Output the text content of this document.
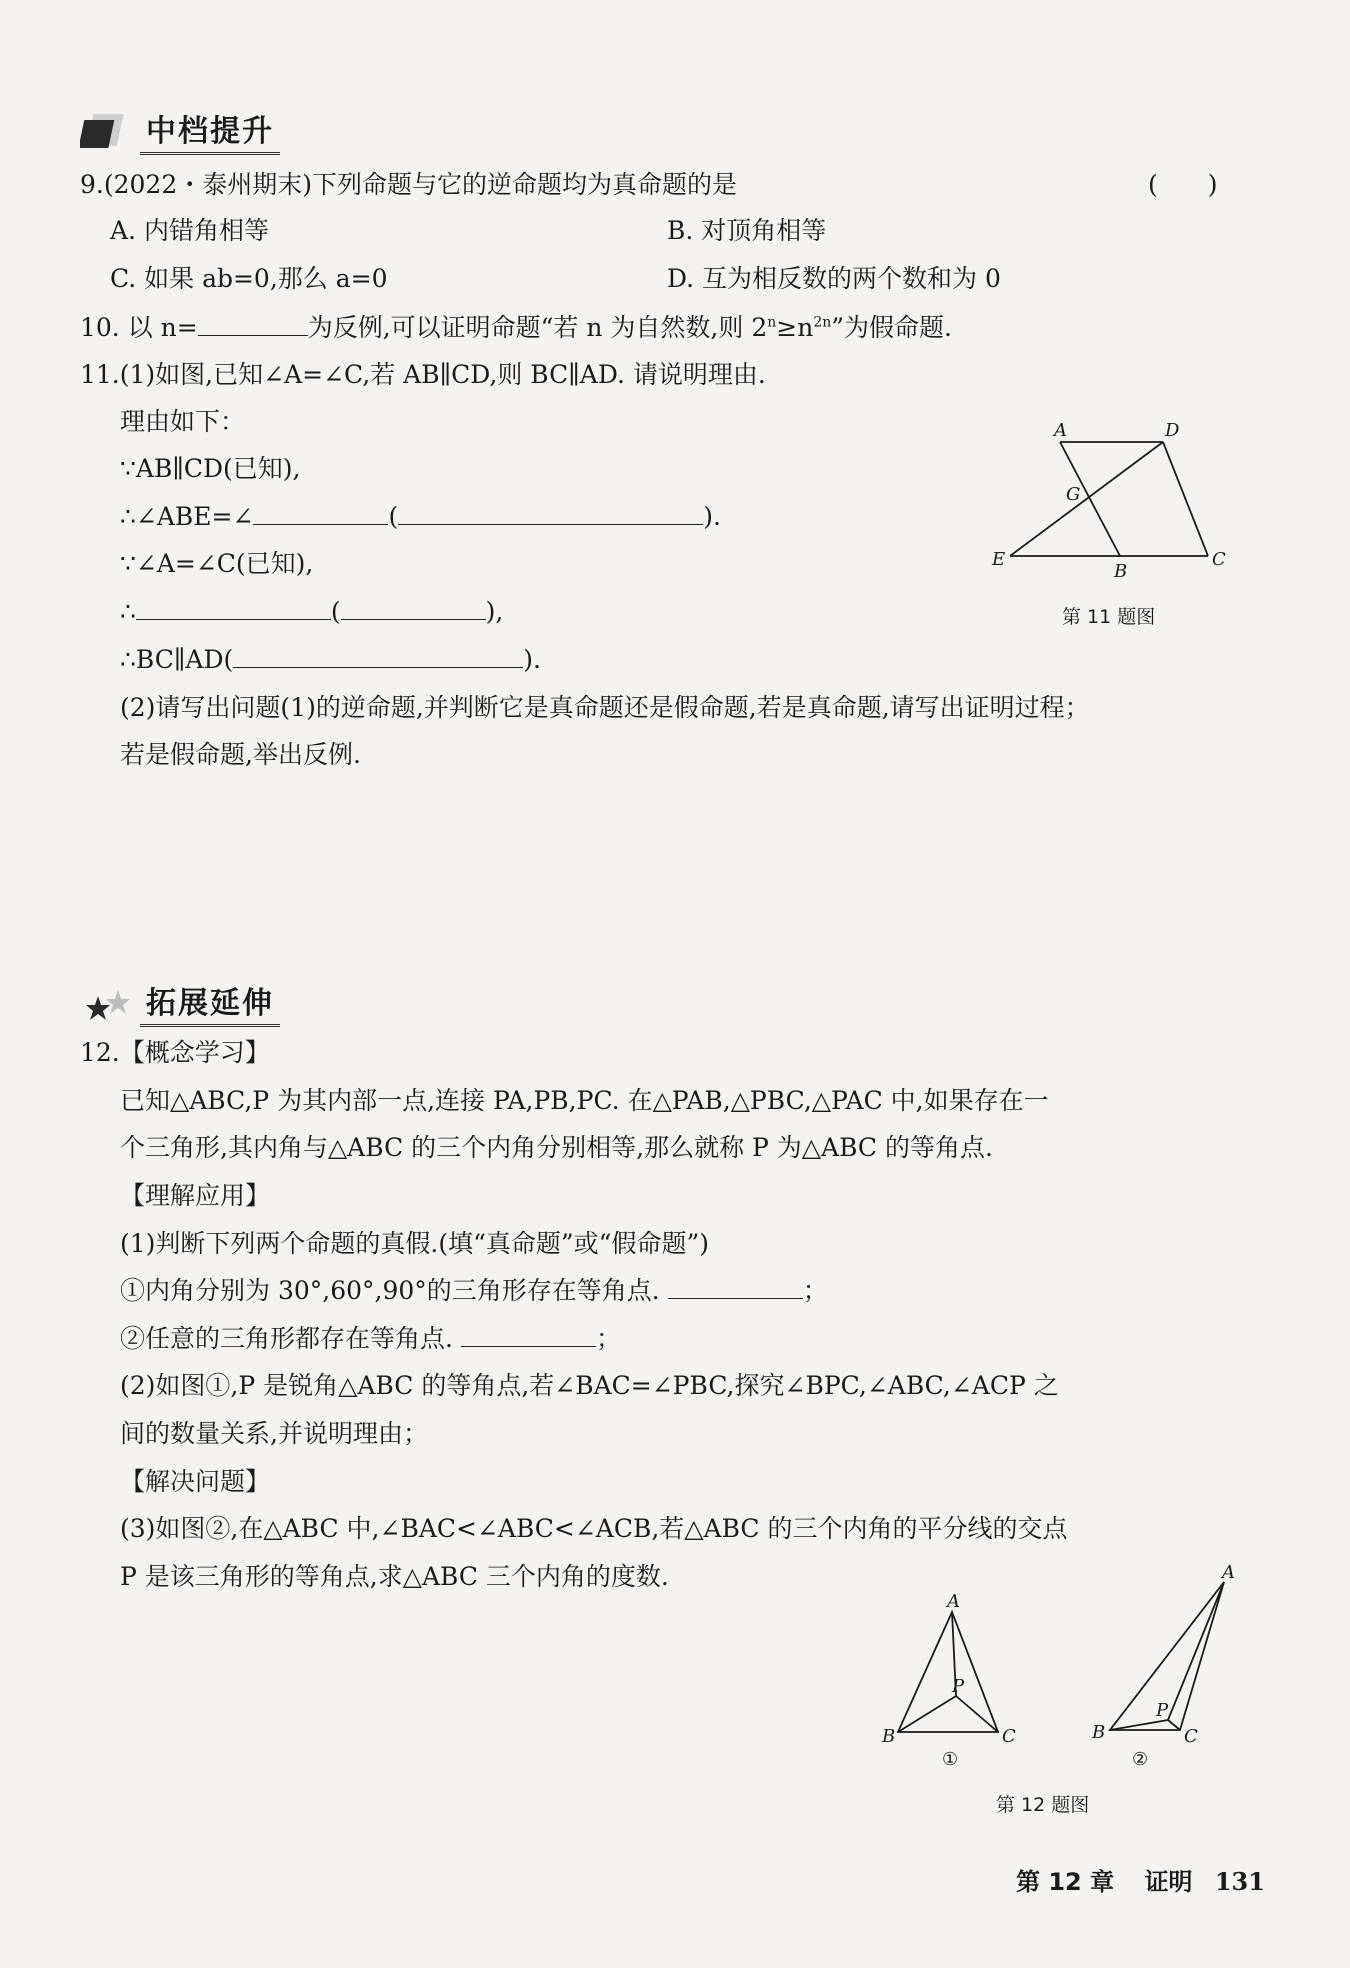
中档提升
9.(2022・泰州期末)下列命题与它的逆命题均为真命题的是	(　　)
A. 内错角相等	B. 对顶角相等
C. 如果 ab=0,那么 a=0	D. 互为相反数的两个数和为 0
10. 以 n=	为反例,可以证明命题“若 n 为自然数,则 $2^n\ge n^{2n}$”为假命题.
11.(1)如图,已知∠A=∠C,若 AB∥CD,则 BC∥AD. 请说明理由.
理由如下：
∵AB∥CD(已知),
∴∠ABE=∠	(	).
∵∠A=∠C(已知),
∴	(	),
∴BC∥AD(	).
(2)请写出问题(1)的逆命题,并判断它是真命题还是假命题,若是真命题,请写出证明过程；
若是假命题,举出反例.
A	D
G
E
B
C
第 11 题图
拓展延伸
12.【概念学习】
已知△ABC,P 为其内部一点,连接 PA,PB,PC. 在△PAB,△PBC,△PAC 中,如果存在一
个三角形,其内角与△ABC 的三个内角分别相等,那么就称 P 为△ABC 的等角点.
【理解应用】
(1)判断下列两个命题的真假.(填“真命题”或“假命题”)
①内角分别为 30°,60°,90°的三角形存在等角点.	；
②任意的三角形都存在等角点.	；
(2)如图①,P 是锐角△ABC 的等角点,若∠BAC=∠PBC,探究∠BPC,∠ABC,∠ACP 之
间的数量关系,并说明理由；
【解决问题】
(3)如图②,在△ABC 中,∠BAC<∠ABC<∠ACB,若△ABC 的三个内角的平分线的交点
P 是该三角形的等角点,求△ABC 三个内角的度数.
A
P
B	C
①
A
P
B	C
②
第 12 题图
第 12 章 证明 131
